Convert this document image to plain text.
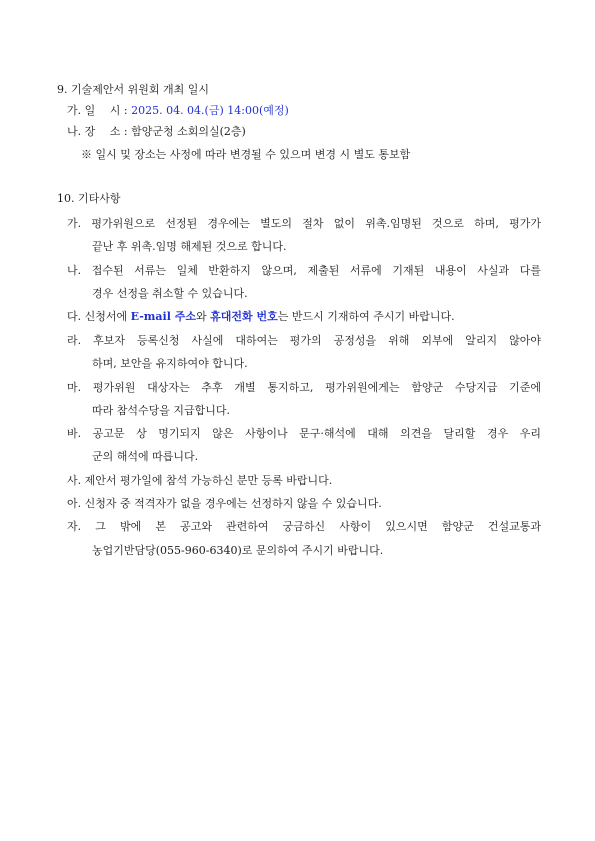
9. 기술제안서 위원회 개최 일시
가. 일　 시 : 2025. 04. 04.(금) 14:00(예정)
나. 장　 소 : 함양군청 소회의실(2층)
※ 일시 및 장소는 사정에 따라 변경될 수 있으며 변경 시 별도 통보함
10. 기타사항
가. 평가위원으로 선정된 경우에는 별도의 절차 없이 위촉.임명된 것으로 하며, 평가가
끝난 후 위촉.임명 해제된 것으로 합니다.
나. 접수된 서류는 일체 반환하지 않으며, 제출된 서류에 기재된 내용이 사실과 다를
경우 선정을 취소할 수 있습니다.
다. 신청서에 E-mail 주소와 휴대전화 번호는 반드시 기재하여 주시기 바랍니다.
라. 후보자 등록신청 사실에 대하여는 평가의 공정성을 위해 외부에 알리지 않아야
하며, 보안을 유지하여야 합니다.
마. 평가위원 대상자는 추후 개별 통지하고, 평가위원에게는 함양군 수당지급 기준에
따라 참석수당을 지급합니다.
바. 공고문 상 명기되지 않은 사항이나 문구·해석에 대해 의견을 달리할 경우 우리
군의 해석에 따릅니다.
사. 제안서 평가일에 참석 가능하신 분만 등록 바랍니다.
아. 신청자 중 적격자가 없을 경우에는 선정하지 않을 수 있습니다.
자. 그 밖에 본 공고와 관련하여 궁금하신 사항이 있으시면 함양군 건설교통과
농업기반담당(055-960-6340)로 문의하여 주시기 바랍니다.
